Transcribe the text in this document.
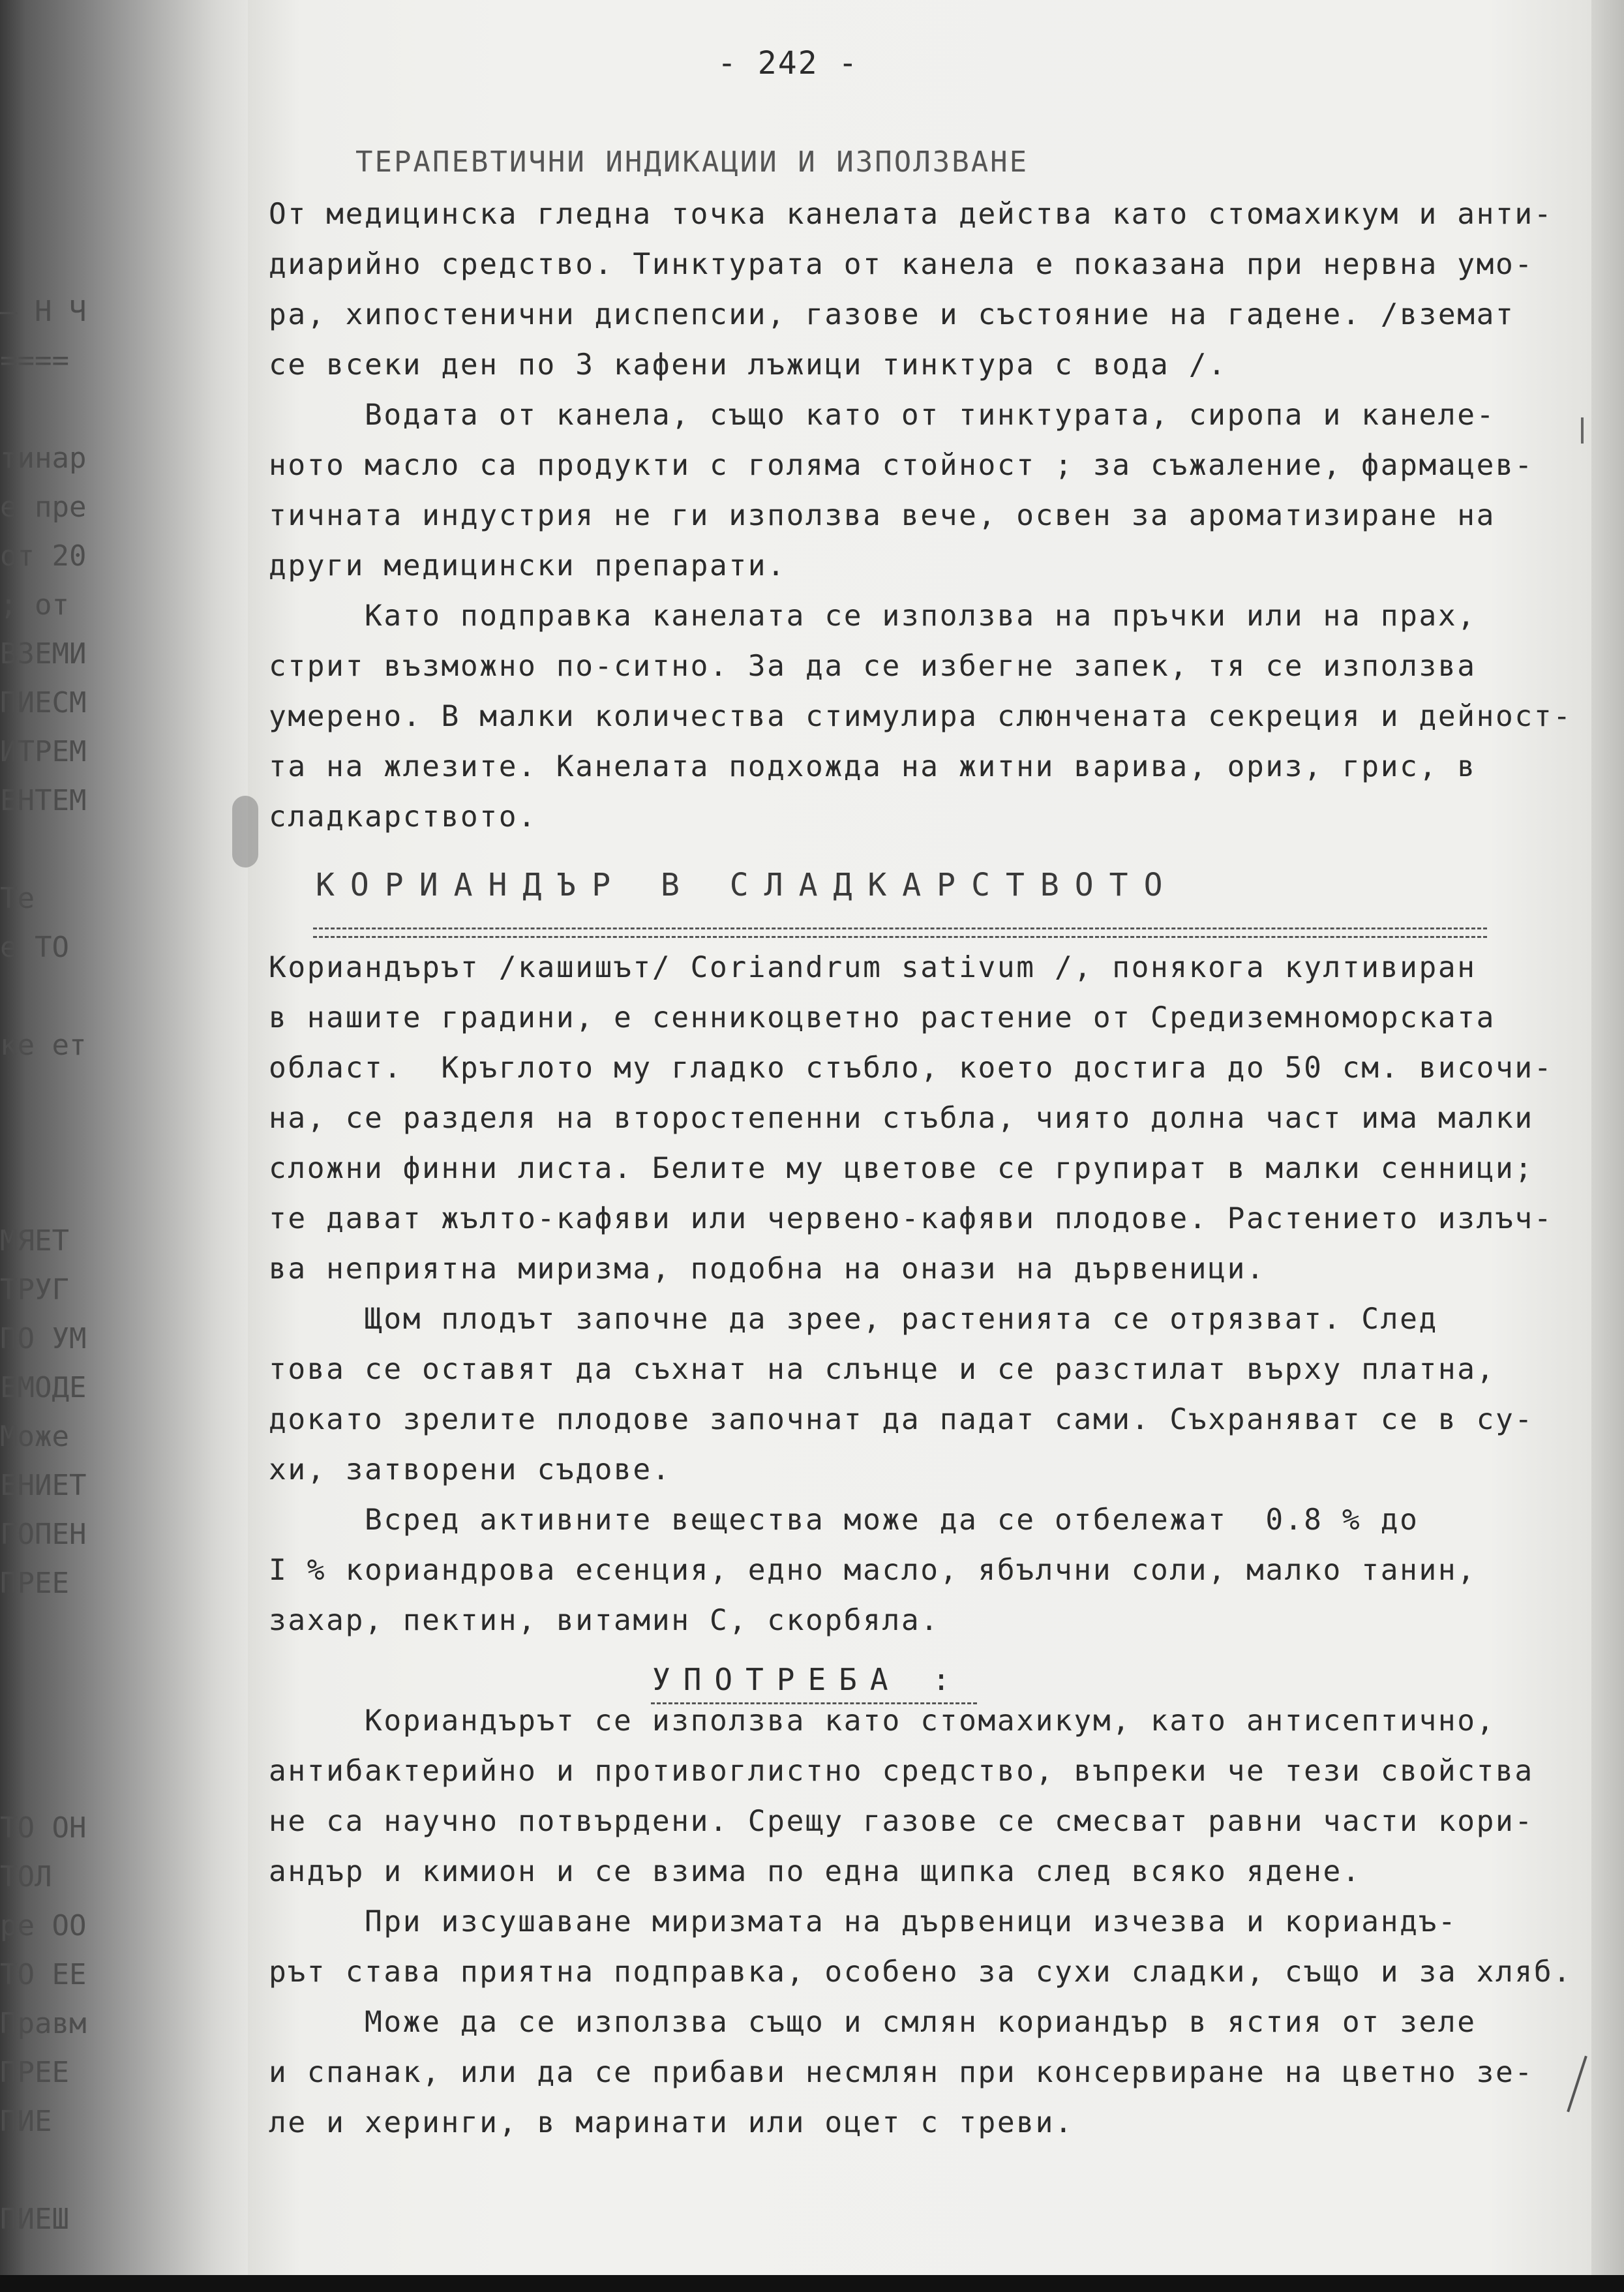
– Н Ч
====
тинар
е пре
от 20
; от
ВЗЕМИ
ПИЕСМ
ИТРЕМ
ЕНТЕМ
Те
е ТО
ке ет
МЯЕТ
ТРУГ
ПО УМ
ЕМОДЕ
Може
ЕНИЕТ
ГОПЕН
ПРЕЕ
ТО ОН
ТОЛ
ре ОО
ТО ЕЕ
Правм
ПРЕЕ
ПИЕ
ПИЕШ
- 242 -
ТЕРАПЕВТИЧНИ ИНДИКАЦИИ И ИЗПОЛЗВАНЕ
От медицинска гледна точка канелата действа като стомахикум и анти-
диарийно средство. Тинктурата от канела е показана при нервна умо-
ра, хипостенични диспепсии, газове и състояние на гадене. /вземат
се всеки ден по 3 кафени лъжици тинктура с вода /.
Водата от канела, също като от тинктурата, сиропа и канеле-
ното масло са продукти с голяма стойност ; за съжаление, фармацев-
тичната индустрия не ги използва вече, освен за ароматизиране на
други медицински препарати.
Като подправка канелата се използва на пръчки или на прах,
стрит възможно по-ситно. За да се избегне запек, тя се използва
умерено. В малки количества стимулира слюнчената секреция и дейност-
та на жлезите. Канелата подхожда на житни варива, ориз, грис, в
сладкарството.
Кориандърът /кашишът/ Coriandrum sativum /, понякога култивиран
в нашите градини, е сенникоцветно растение от Средиземноморската
област.  Кръглото му гладко стъбло, което достига до 50 см. височи-
на, се разделя на второстепенни стъбла, чиято долна част има малки
сложни финни листа. Белите му цветове се групират в малки сенници;
те дават жълто-кафяви или червено-кафяви плодове. Растението излъч-
ва неприятна миризма, подобна на онази на дървеници.
Щом плодът започне да зрее, растенията се отрязват. След
това се оставят да съхнат на слънце и се разстилат върху платна,
докато зрелите плодове започнат да падат сами. Съхраняват се в су-
хи, затворени съдове.
Всред активните вещества може да се отбележат  0.8 % до
I % кориандрова есенция, едно масло, ябълчни соли, малко танин,
захар, пектин, витамин С, скорбяла.
Кориандърът се използва като стомахикум, като антисептично,
антибактерийно и противоглистно средство, въпреки че тези свойства
не са научно потвърдени. Срещу газове се смесват равни части кори-
андър и кимион и се взима по една щипка след всяко ядене.
При изсушаване миризмата на дървеници изчезва и кориандъ-
рът става приятна подправка, особено за сухи сладки, също и за хляб.
Може да се използва също и смлян кориандър в ястия от зеле
и спанак, или да се прибави несмлян при консервиране на цветно зе-
ле и херинги, в маринати или оцет с треви.
КОРИАНДЪР В СЛАДКАРСТВОТО
УПОТРЕБА :
